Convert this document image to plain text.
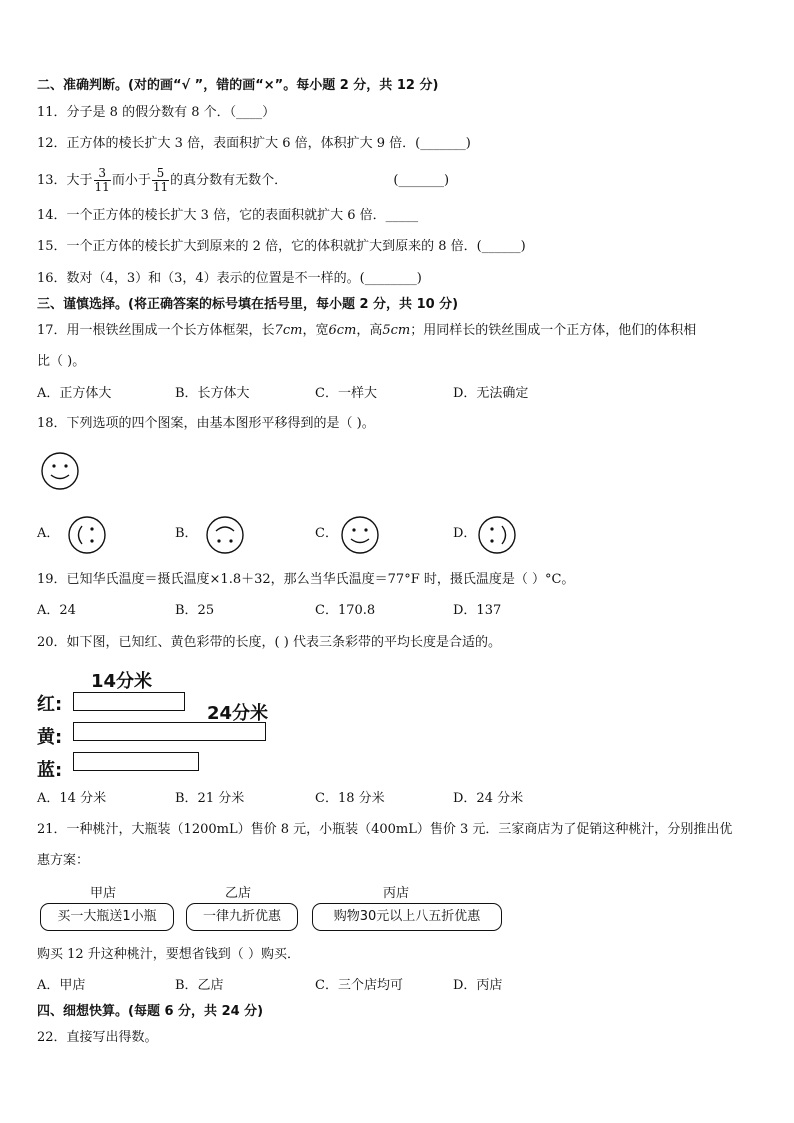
二、准确判断。(对的画“√ ”，错的画“×”。每小题 2 分，共 12 分)
11．分子是 8 的假分数有 8 个．（____）
12．正方体的棱长扩大 3 倍，表面积扩大 6 倍，体积扩大 9 倍．(_______)
13．大于 $\frac{3}{11}$ 而小于 $\frac{5}{11}$ 的真分数有无数个．	(_______)
14．一个正方体的棱长扩大 3 倍，它的表面积就扩大 6 倍．_____
15．一个正方体的棱长扩大到原来的 2 倍，它的体积就扩大到原来的 8 倍．(______)
16．数对（4，3）和（3，4）表示的位置是不一样的。(________)
三、谨慎选择。(将正确答案的标号填在括号里，每小题 2 分，共 10 分)
17．用一根铁丝围成一个长方体框架，长7cm，宽6cm，高5cm；用同样长的铁丝围成一个正方体，他们的体积相
比（ )。
A．正方体大	B．长方体大	C．一样大	D．无法确定
18．下列选项的四个图案，由基本图形平移得到的是（ )。
A．	B．	C．	D．
19．已知华氏温度＝摄氏温度×1.8＋32，那么当华氏温度＝77°F 时，摄氏温度是（ ）°C。
A．24	B．25	C．170.8	D．137
20．如下图，已知红、黄色彩带的长度，( ) 代表三条彩带的平均长度是合适的。
14分米
24分米
红:
黄:
蓝:
A．14 分米	B．21 分米	C．18 分米	D．24 分米
21．一种桃汁，大瓶装（1200mL）售价 8 元，小瓶装（400mL）售价 3 元．三家商店为了促销这种桃汁，分别推出优
惠方案：
甲店	乙店	丙店
买一大瓶送1小瓶	一律九折优惠	购物30元以上八五折优惠
购买 12 升这种桃汁，要想省钱到（ ）购买．
A．甲店	B．乙店	C．三个店均可	D．丙店
四、细想快算。(每题 6 分，共 24 分)
22．直接写出得数。
